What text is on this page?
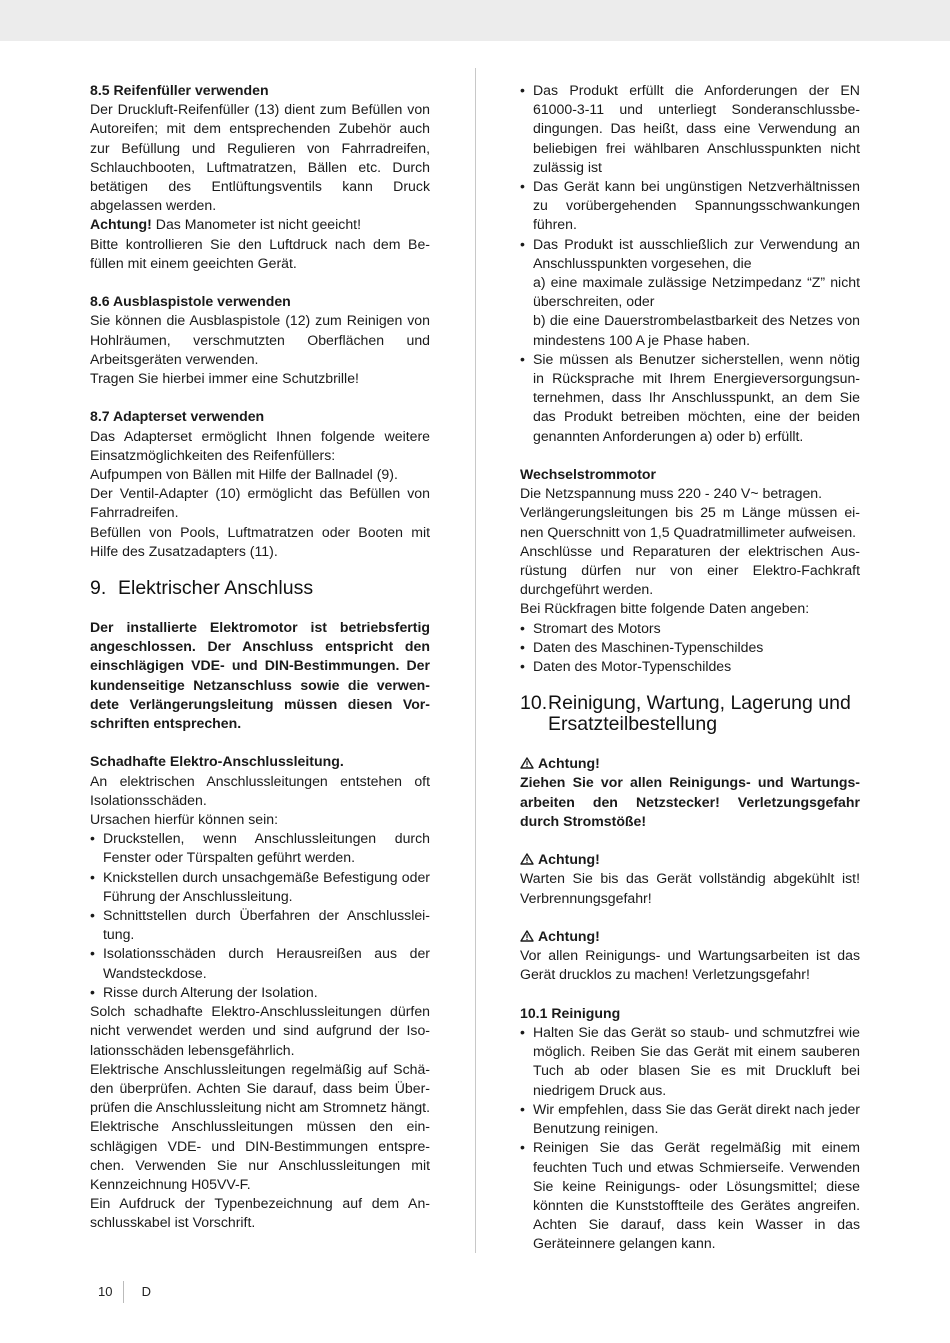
8.5 Reifenfüller verwenden

Der Druckluft-Reifenfüller (13) dient zum Befüllen von Autoreifen; mit dem entsprechenden Zubehör auch zur Befüllung und Regulieren von Fahrradreifen, Schlauchbooten, Luftmatratzen, Bällen etc. Durch betätigen des Entlüftungsventils kann Druck abgelassen werden.

Achtung! Das Manometer ist nicht geeicht!

Bitte kontrollieren Sie den Luftdruck nach dem Befüllen mit einem geeichten Gerät.

8.6 Ausblaspistole verwenden

Sie können die Ausblaspistole (12) zum Reinigen von Hohlräumen, verschmutzten Oberflächen und Arbeitsgeräten verwenden.

Tragen Sie hierbei immer eine Schutzbrille!

8.7 Adapterset verwenden

Das Adapterset ermöglicht Ihnen folgende weitere Einsatzmöglichkeiten des Reifenfüllers:

Aufpumpen von Bällen mit Hilfe der Ballnadel (9).

Der Ventil-Adapter (10) ermöglicht das Befüllen von Fahrradreifen.

Befüllen von Pools, Luftmatratzen oder Booten mit Hilfe des Zusatzadapters (11).

9. Elektrischer Anschluss

Der installierte Elektromotor ist betriebsfertig angeschlossen. Der Anschluss entspricht den einschlägigen VDE- und DIN-Bestimmungen. Der kundenseitige Netzanschluss sowie die verwendete Verlängerungsleitung müssen diesen Vorschriften entsprechen.

Schadhafte Elektro-Anschlussleitung.

An elektrischen Anschlussleitungen entstehen oft Isolationsschäden.

Ursachen hierfür können sein:

• Druckstellen, wenn Anschlussleitungen durch Fenster oder Türspalten geführt werden.
• Knickstellen durch unsachgemäße Befestigung oder Führung der Anschlussleitung.
• Schnittstellen durch Überfahren der Anschlussleitung.
• Isolationsschäden durch Herausreißen aus der Wandsteckdose.
• Risse durch Alterung der Isolation.

Solch schadhafte Elektro-Anschlussleitungen dürfen nicht verwendet werden und sind aufgrund der Isolationsschäden lebensgefährlich.

Elektrische Anschlussleitungen regelmäßig auf Schäden überprüfen. Achten Sie darauf, dass beim Überprüfen die Anschlussleitung nicht am Stromnetz hängt.

Elektrische Anschlussleitungen müssen den einschlägigen VDE- und DIN-Bestimmungen entsprechen. Verwenden Sie nur Anschlussleitungen mit Kennzeichnung H05VV-F.

Ein Aufdruck der Typenbezeichnung auf dem Anschlusskabel ist Vorschrift.

• Das Produkt erfüllt die Anforderungen der EN 61000-3-11 und unterliegt Sonderanschlussbedingungen. Das heißt, dass eine Verwendung an beliebigen frei wählbaren Anschlusspunkten nicht zulässig ist
• Das Gerät kann bei ungünstigen Netzverhältnissen zu vorübergehenden Spannungsschwankungen führen.
• Das Produkt ist ausschließlich zur Verwendung an Anschlusspunkten vorgesehen, die
a) eine maximale zulässige Netzimpedanz “Z” nicht überschreiten, oder
b) die eine Dauerstrombelastbarkeit des Netzes von mindestens 100 A je Phase haben.
• Sie müssen als Benutzer sicherstellen, wenn nötig in Rücksprache mit Ihrem Energieversorgungsunternehmen, dass Ihr Anschlusspunkt, an dem Sie das Produkt betreiben möchten, eine der beiden genannten Anforderungen a) oder b) erfüllt.

Wechselstrommotor

Die Netzspannung muss 220 - 240 V~ betragen.

Verlängerungsleitungen bis 25 m Länge müssen einen Querschnitt von 1,5 Quadratmillimeter aufweisen.

Anschlüsse und Reparaturen der elektrischen Ausrüstung dürfen nur von einer Elektro-Fachkraft durchgeführt werden.

Bei Rückfragen bitte folgende Daten angeben:

• Stromart des Motors
• Daten des Maschinen-Typenschildes
• Daten des Motor-Typenschildes
10. Reinigung, Wartung, Lagerung und Ersatzteilbestellung

Achtung!

Ziehen Sie vor allen Reinigungs- und Wartungsarbeiten den Netzstecker! Verletzungsgefahr durch Stromstöße!

Achtung!

Warten Sie bis das Gerät vollständig abgekühlt ist! Verbrennungsgefahr!

Achtung!

Vor allen Reinigungs- und Wartungsarbeiten ist das Gerät drucklos zu machen! Verletzungsgefahr!

10.1 Reinigung

• Halten Sie das Gerät so staub- und schmutzfrei wie möglich. Reiben Sie das Gerät mit einem sauberen Tuch ab oder blasen Sie es mit Druckluft bei niedrigem Druck aus.
• Wir empfehlen, dass Sie das Gerät direkt nach jeder Benutzung reinigen.
• Reinigen Sie das Gerät regelmäßig mit einem feuchten Tuch und etwas Schmierseife. Verwenden Sie keine Reinigungs- oder Lösungsmittel; diese könnten die Kunststoffteile des Gerätes angreifen. Achten Sie darauf, dass kein Wasser in das Geräteinnere gelangen kann.
10 D
